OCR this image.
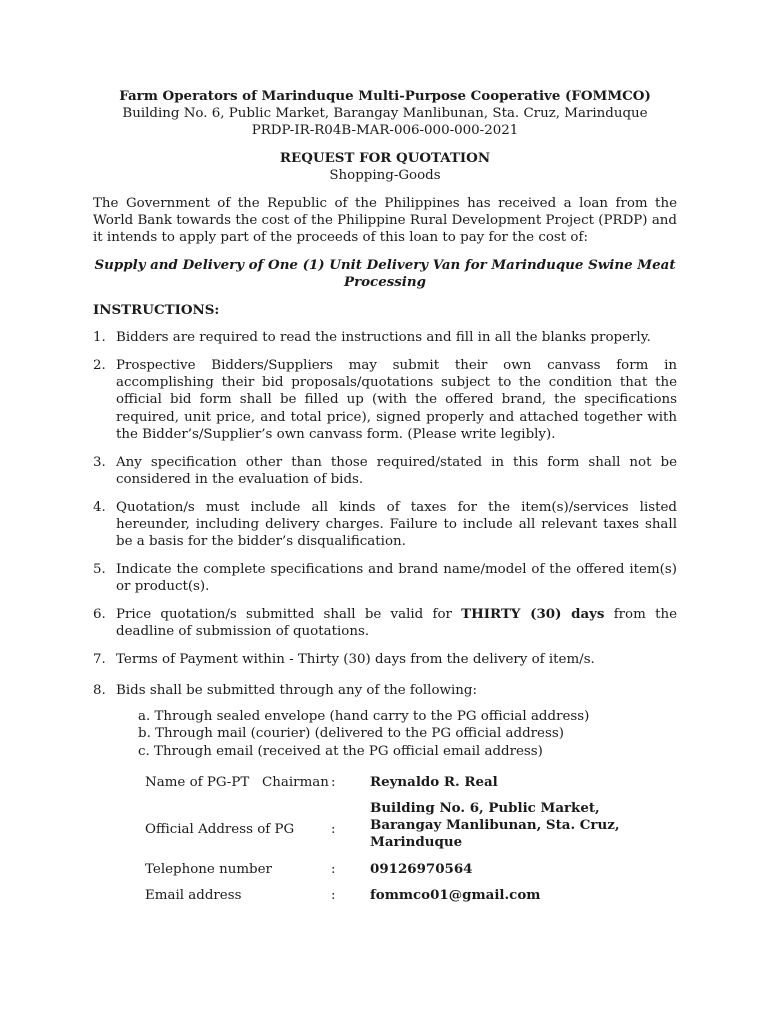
Farm Operators of Marinduque Multi-Purpose Cooperative (FOMMCO)
Building No. 6, Public Market, Barangay Manlibunan, Sta. Cruz, Marinduque
PRDP-IR-R04B-MAR-006-000-000-2021
REQUEST FOR QUOTATION
Shopping-Goods

The Government of the Republic of the Philippines has received a loan from the World Bank towards the cost of the Philippine Rural Development Project (PRDP) and it intends to apply part of the proceeds of this loan to pay for the cost of:

Supply and Delivery of One (1) Unit Delivery Van for Marinduque Swine Meat Processing

INSTRUCTIONS:

1. Bidders are required to read the instructions and fill in all the blanks properly.
2. Prospective Bidders/Suppliers may submit their own canvass form in accomplishing their bid proposals/quotations subject to the condition that the official bid form shall be filled up (with the offered brand, the specifications required, unit price, and total price), signed properly and attached together with the Bidder’s/Supplier’s own canvass form. (Please write legibly).
3. Any specification other than those required/stated in this form shall not be considered in the evaluation of bids.
4. Quotation/s must include all kinds of taxes for the item(s)/services listed hereunder, including delivery charges. Failure to include all relevant taxes shall be a basis for the bidder’s disqualification.
5. Indicate the complete specifications and brand name/model of the offered item(s) or product(s).
6. Price quotation/s submitted shall be valid for THIRTY (30) days from the deadline of submission of quotations.
7. Terms of Payment within - Thirty (30) days from the delivery of item/s.
8. Bids shall be submitted through any of the following:
a. Through sealed envelope (hand carry to the PG official address)
b. Through mail (courier) (delivered to the PG official address)
c. Through email (received at the PG official email address)
Name of PG-PT   Chairman	:	Reynaldo R. Real
Official Address of PG	:	Building No. 6, Public Market, Barangay Manlibunan, Sta. Cruz, Marinduque
Telephone number	:	09126970564
Email address	:	fommco01@gmail.com
